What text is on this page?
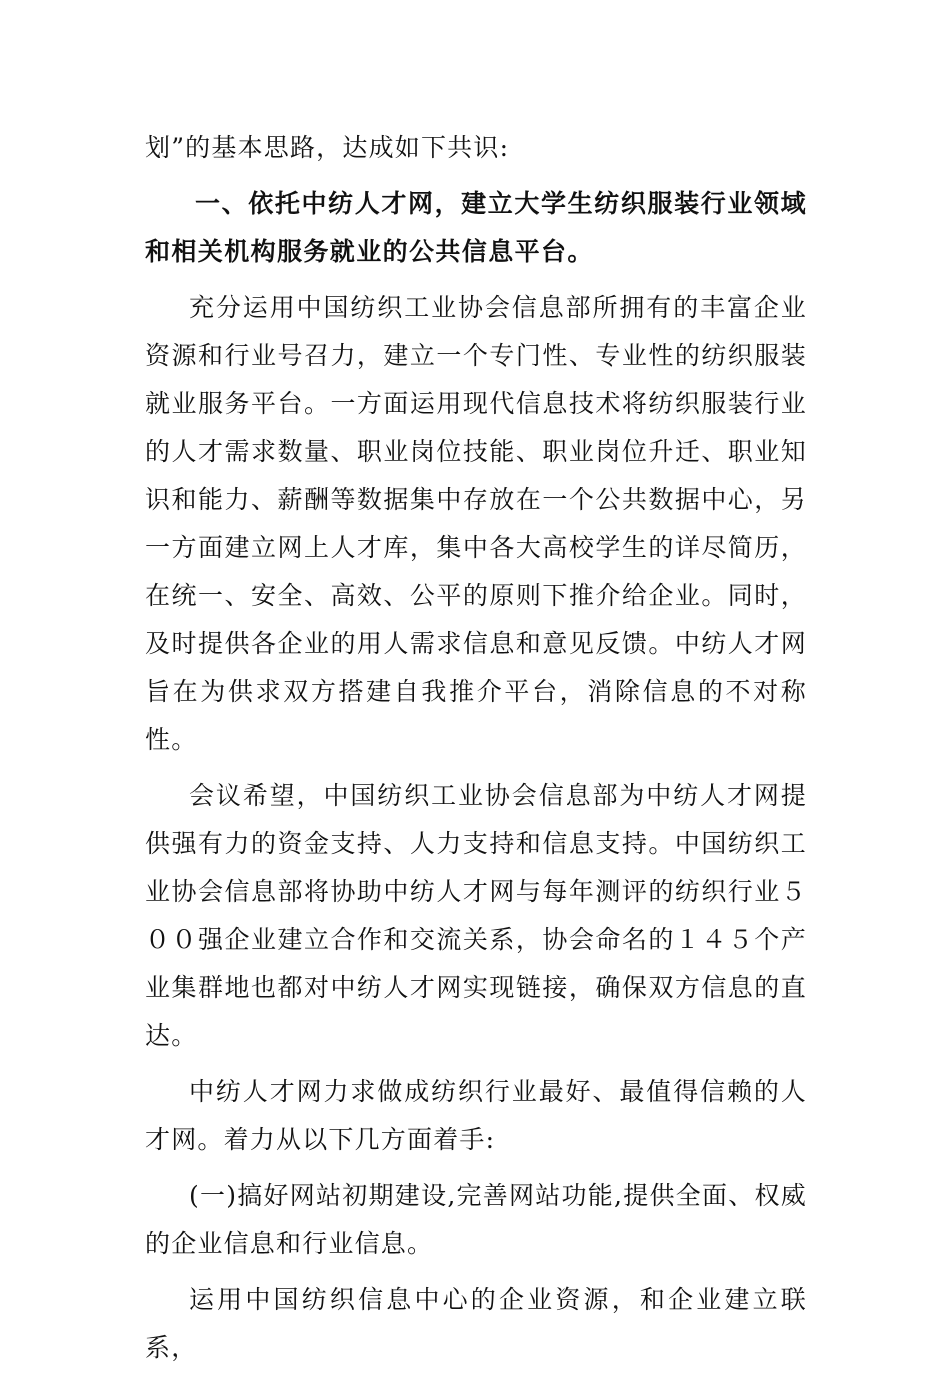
划”的基本思路，达成如下共识:

一、依托中纺人才网，建立大学生纺织服装行业领域和相关机构服务就业的公共信息平台。

充分运用中国纺织工业协会信息部所拥有的丰富企业资源和行业号召力，建立一个专门性、专业性的纺织服装就业服务平台。一方面运用现代信息技术将纺织服装行业的人才需求数量、职业岗位技能、职业岗位升迁、职业知识和能力、薪酬等数据集中存放在一个公共数据中心，另一方面建立网上人才库，集中各大高校学生的详尽简历，在统一、安全、高效、公平的原则下推介给企业。同时，及时提供各企业的用人需求信息和意见反馈。中纺人才网旨在为供求双方搭建自我推介平台，消除信息的不对称性。

会议希望，中国纺织工业协会信息部为中纺人才网提供强有力的资金支持、人力支持和信息支持。中国纺织工业协会信息部将协助中纺人才网与每年测评的纺织行业５００强企业建立合作和交流关系，协会命名的１４５个产业集群地也都对中纺人才网实现链接，确保双方信息的直达。

中纺人才网力求做成纺织行业最好、最值得信赖的人才网。着力从以下几方面着手:

(一)搞好网站初期建设,完善网站功能,提供全面、权威的企业信息和行业信息。

运用中国纺织信息中心的企业资源，和企业建立联系，
